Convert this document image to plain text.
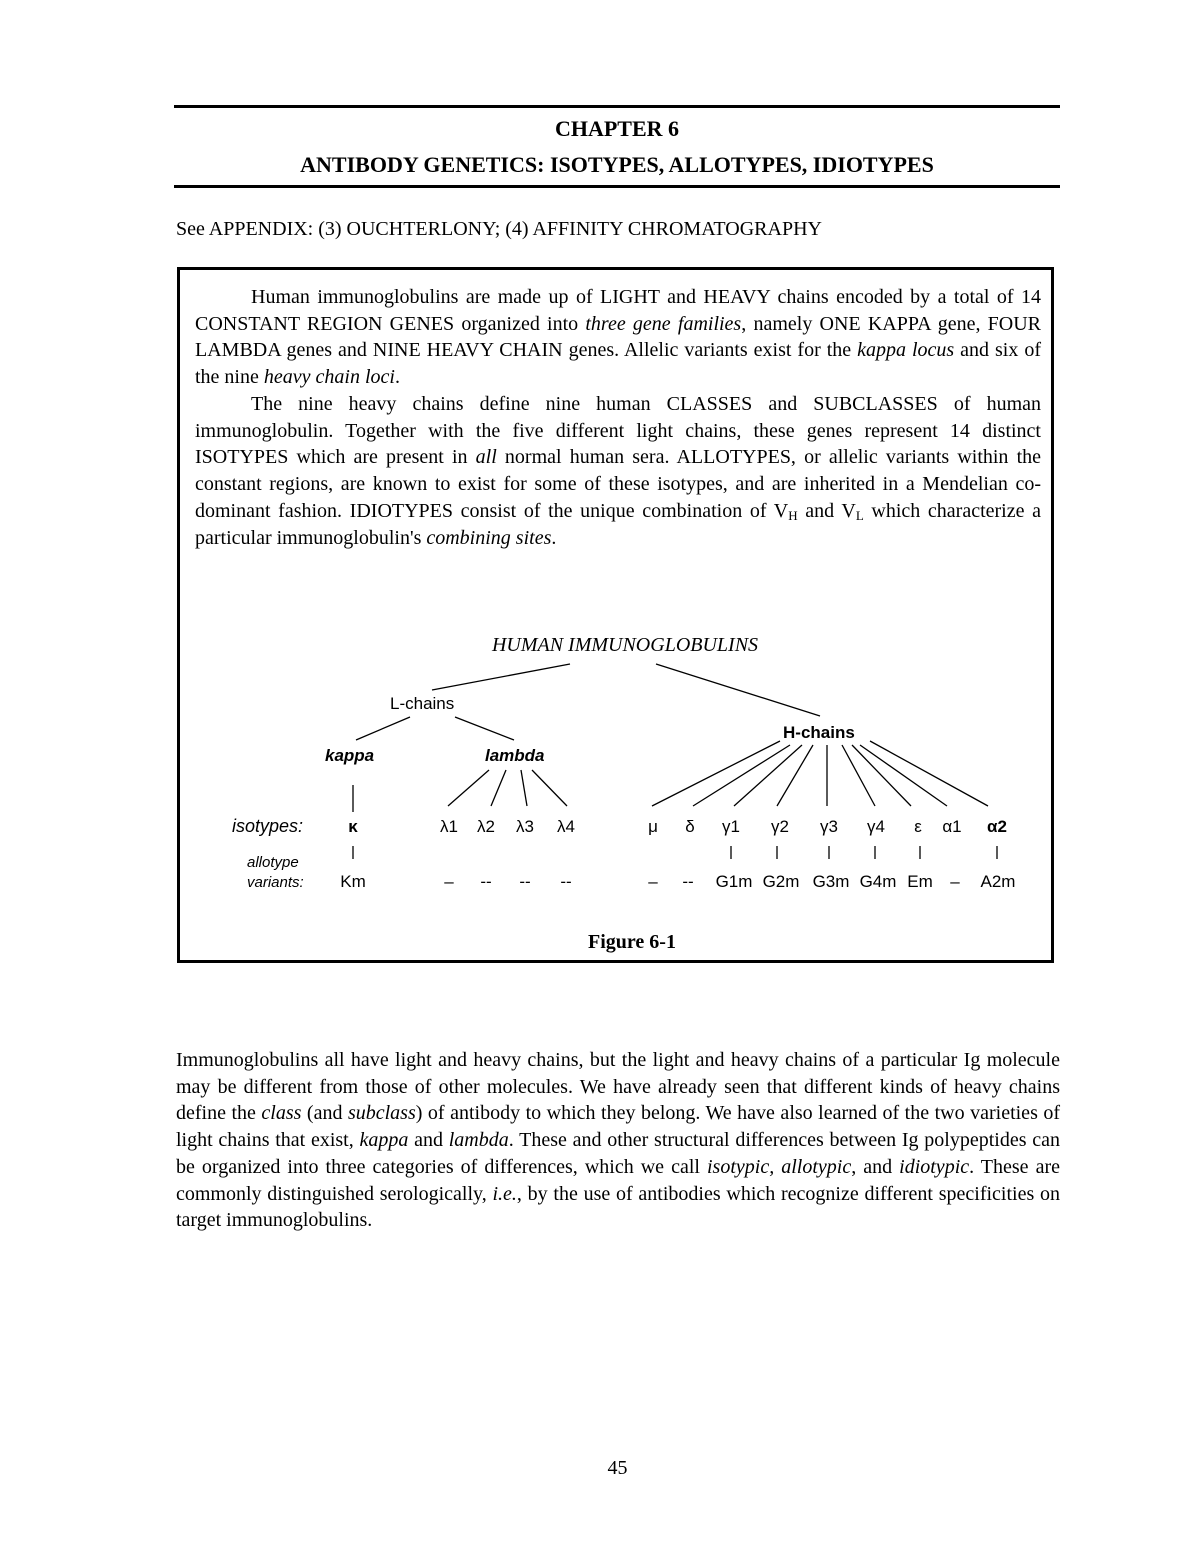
CHAPTER 6
ANTIBODY GENETICS: ISOTYPES, ALLOTYPES, IDIOTYPES
See APPENDIX: (3) OUCHTERLONY; (4) AFFINITY CHROMATOGRAPHY
Human immunoglobulins are made up of LIGHT and HEAVY chains encoded by a total of 14 CONSTANT REGION GENES organized into three gene families, namely ONE KAPPA gene, FOUR LAMBDA genes and NINE HEAVY CHAIN genes. Allelic variants exist for the kappa locus and six of the nine heavy chain loci.
The nine heavy chains define nine human CLASSES and SUBCLASSES of human immunoglobulin. Together with the five different light chains, these genes represent 14 distinct ISOTYPES which are present in all normal human sera. ALLOTYPES, or allelic variants within the constant regions, are known to exist for some of these isotypes, and are inherited in a Mendelian co-dominant fashion. IDIOTYPES consist of the unique combination of $V_H$ and $V_L$ which characterize a particular immunoglobulin's combining sites.
HUMAN IMMUNOGLOBULINS
L-chains
H-chains
kappa	lambda
isotypes:
allotype
variants:
κ	λ1 λ2 λ3 λ4	μ δ γ1 γ2 γ3 γ4 ε α1 α2
Km	– -- -- --	– -- G1m G2m G3m G4m Em – A2m
Figure 6-1
Immunoglobulins all have light and heavy chains, but the light and heavy chains of a particular Ig molecule may be different from those of other molecules. We have already seen that different kinds of heavy chains define the class (and subclass) of antibody to which they belong. We have also learned of the two varieties of light chains that exist, kappa and lambda. These and other structural differences between Ig polypeptides can be organized into three categories of differences, which we call isotypic, allotypic, and idiotypic. These are commonly distinguished serologically, i.e., by the use of antibodies which recognize different specificities on target immunoglobulins.
45
